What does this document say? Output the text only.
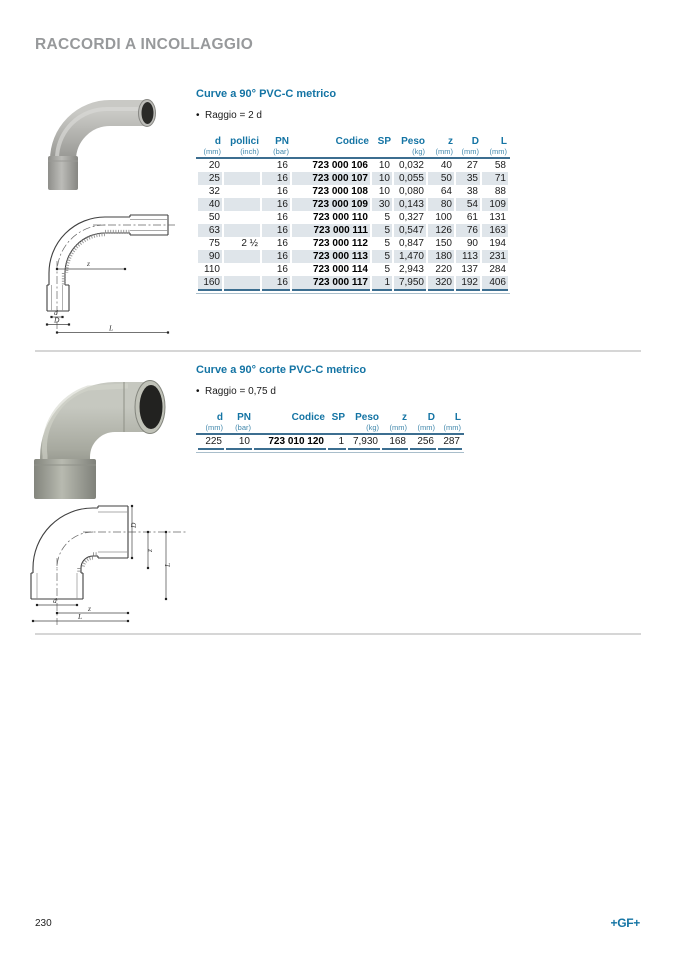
RACCORDI A INCOLLAGGIO
Curve a 90° PVC-C metrico
• Raggio = 2 d
d	pollici	PN	Codice	SP	Peso	z	D	L
(mm)	(inch)	(bar)			(kg)	(mm)	(mm)	(mm)
20		16	723 000 106	10	0,032	40	27	58
25		16	723 000 107	10	0,055	50	35	71
32		16	723 000 108	10	0,080	64	38	88
40		16	723 000 109	30	0,143	80	54	109
50		16	723 000 110	5	0,327	100	61	131
63		16	723 000 111	5	0,547	126	76	163
75	2 ½	16	723 000 112	5	0,847	150	90	194
90		16	723 000 113	5	1,470	180	113	231
110		16	723 000 114	5	2,943	220	137	284
160		16	723 000 117	1	7,950	320	192	406
z
d
D
L
Curve a 90° corte PVC-C metrico
• Raggio = 0,75 d
d	PN	Codice	SP	Peso	z	D	L
(mm)	(bar)			(kg)	(mm)	(mm)	(mm)
225	10	723 010 120	1	7,930	168	256	287
D
z
L
d
z
L
230	+GF+
